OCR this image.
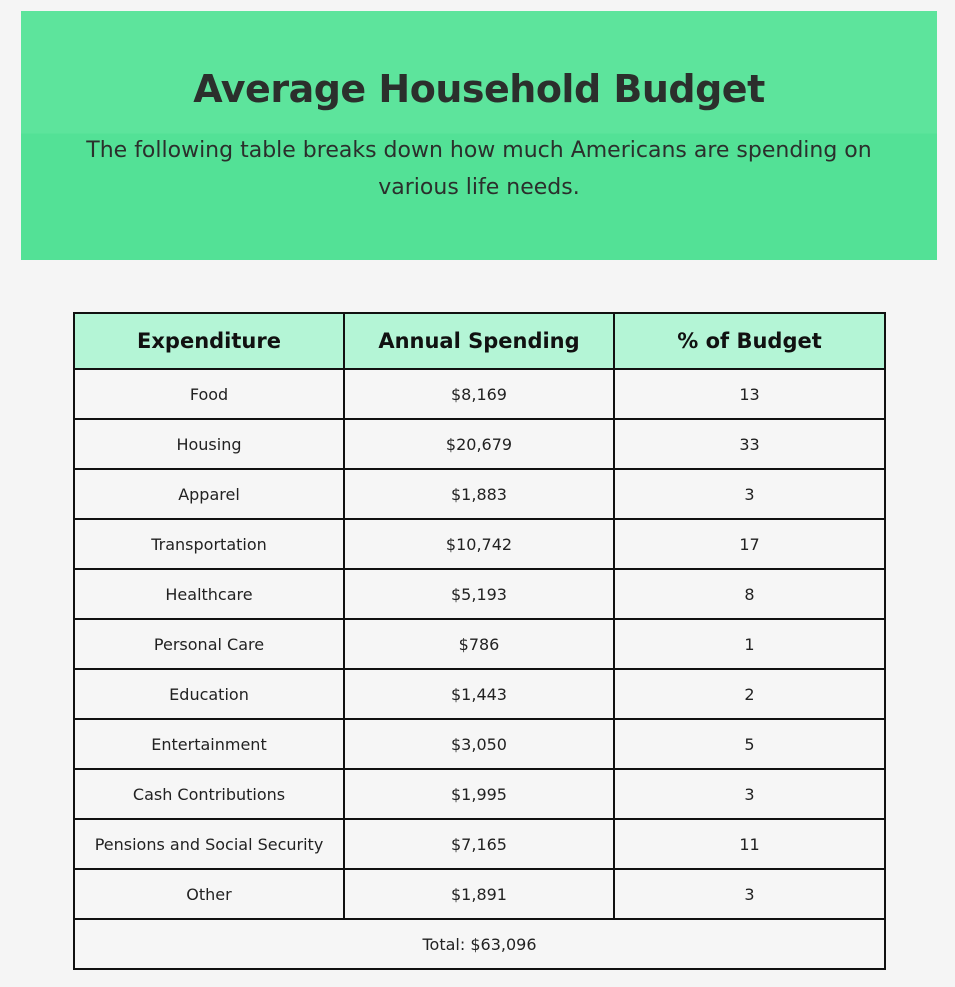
Average Household Budget

The following table breaks down how much Americans are spending on various life needs.

Expenditure	Annual Spending	% of Budget
Food	$8,169	13
Housing	$20,679	33
Apparel	$1,883	3
Transportation	$10,742	17
Healthcare	$5,193	8
Personal Care	$786	1
Education	$1,443	2
Entertainment	$3,050	5
Cash Contributions	$1,995	3
Pensions and Social Security	$7,165	11
Other	$1,891	3
Total: $63,096		
